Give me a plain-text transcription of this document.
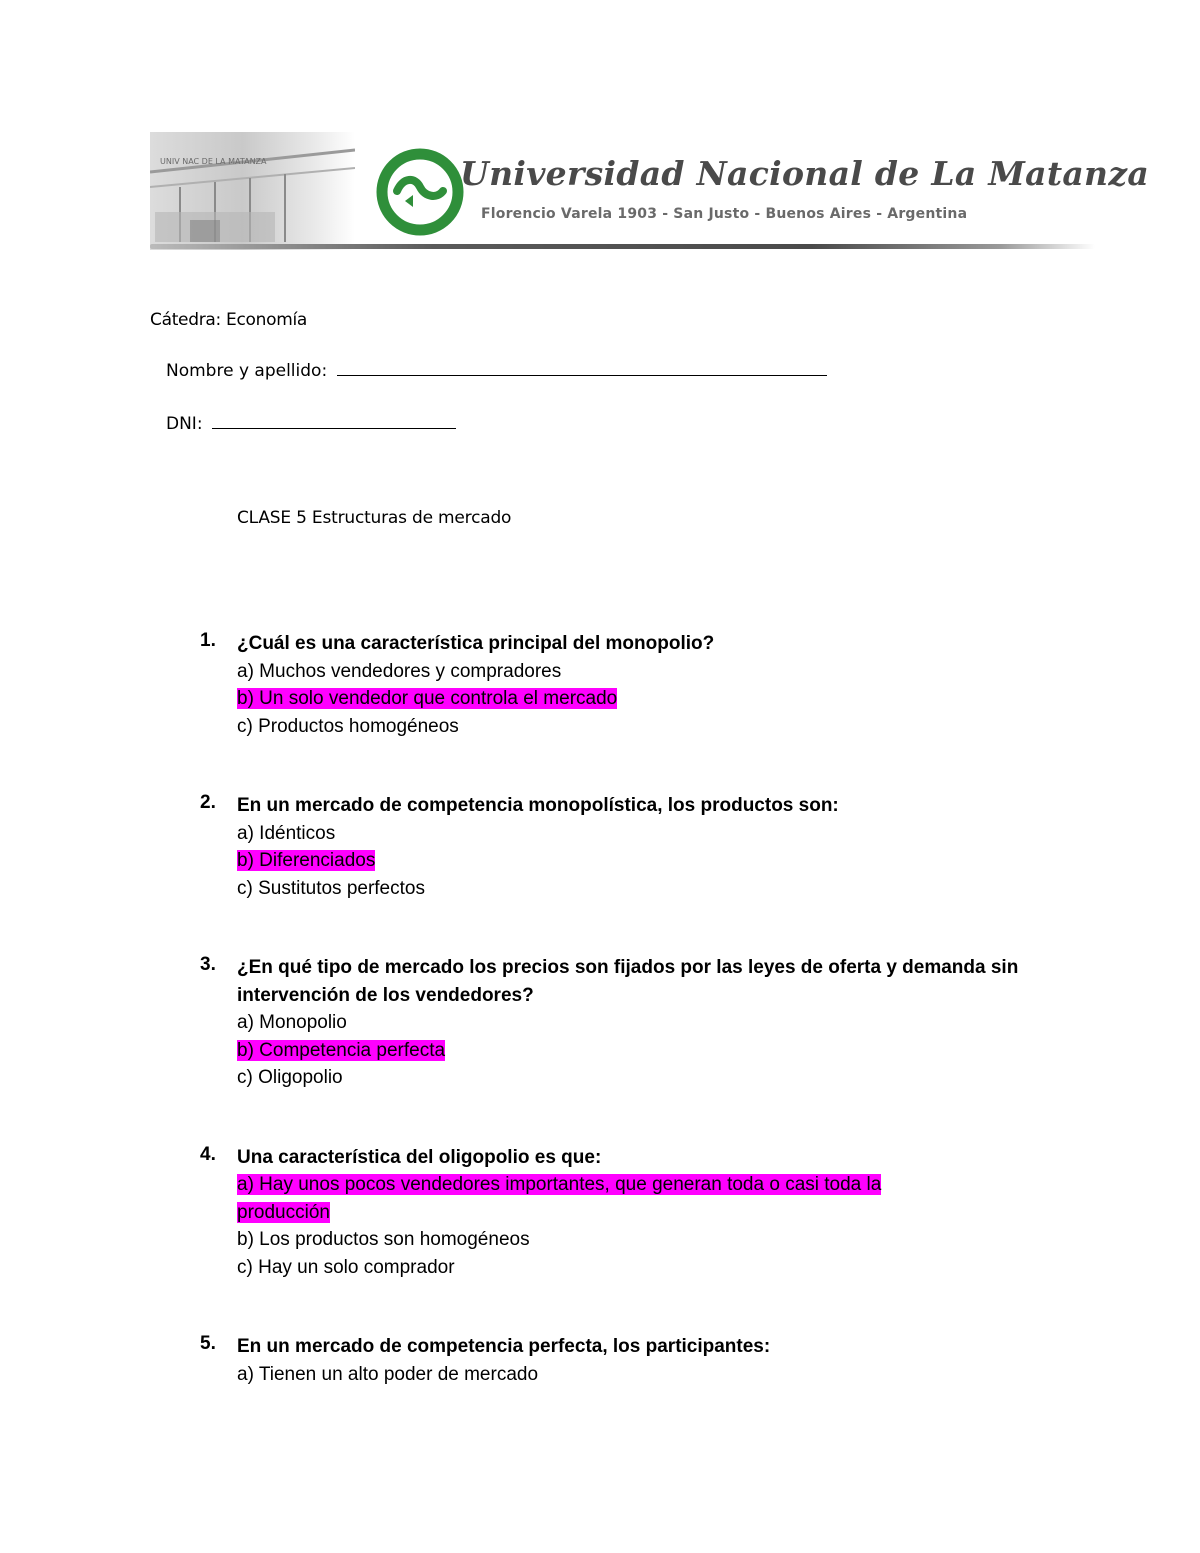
UNIV NAC DE LA MATANZA	Universidad Nacional de La Matanza
Florencio Varela 1903 - San Justo - Buenos Aires - Argentina
Cátedra: Economía
Nombre y apellido:
DNI:
CLASE 5 Estructuras de mercado
1. ¿Cuál es una característica principal del monopolio?
a) Muchos vendedores y compradores
b) Un solo vendedor que controla el mercado
c) Productos homogéneos
2. En un mercado de competencia monopolística, los productos son:
a) Idénticos
b) Diferenciados
c) Sustitutos perfectos
3. ¿En qué tipo de mercado los precios son fijados por las leyes de oferta y demanda sin intervención de los vendedores?
a) Monopolio
b) Competencia perfecta
c) Oligopolio
4. Una característica del oligopolio es que:
a) Hay unos pocos vendedores importantes, que generan toda o casi toda la producción
b) Los productos son homogéneos
c) Hay un solo comprador
5. En un mercado de competencia perfecta, los participantes:
a) Tienen un alto poder de mercado
